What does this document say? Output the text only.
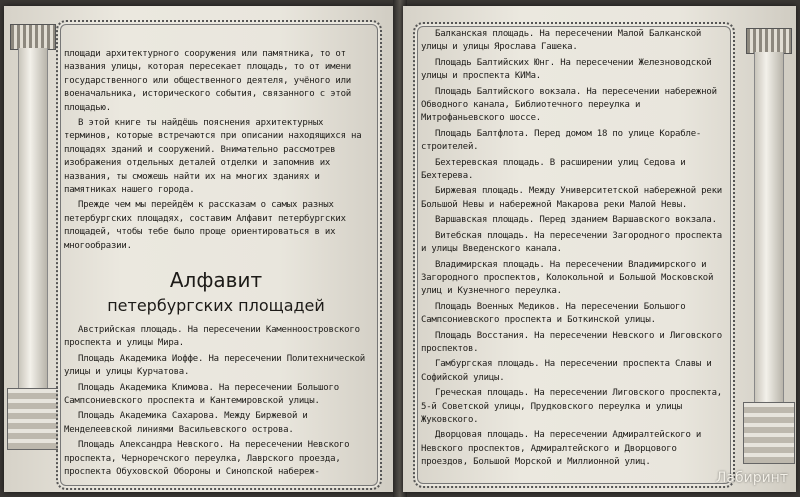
площади архитектурного сооружения или памятника, то от названия улицы, которая пересекает площадь, то от имени государственного или общественного деятеля, учёного или военачальника, исторического события, связанного с этой площадью.

В этой книге ты найдёшь пояснения архитектурных терминов, которые встречаются при описании находящихся на площадях зданий и сооружений. Внимательно рассмотрев изображения отдельных деталей отделки и запомнив их названия, ты сможешь найти их на многих зданиях и памятниках нашего города.

Прежде чем мы перейдём к рассказам о самых разных петербургских площадях, составим Алфавит петербургских площадей, чтобы тебе было проще ориентироваться в их многообразии.

Алфавит
петербургских площадей

Австрийская площадь. На пересечении Каменноостровского проспекта и улицы Мира.

Площадь Академика Иоффе. На пересечении Политехнической улицы и улицы Курчатова.

Площадь Академика Климова. На пересечении Большого Сампсониевского проспекта и Кантемировской улицы.

Площадь Академика Сахарова. Между Биржевой и Менделеевской линиями Васильевского острова.

Площадь Александра Невского. На пересечении Невского проспекта, Черноречского переулка, Лаврского проезда, проспекта Обуховской Обороны и Синопской набереж-

Балканская площадь. На пересечении Малой Балканской улицы и улицы Ярослава Гашека.

Площадь Балтийских Юнг. На пересечении Железноводской улицы и проспекта КИМа.

Площадь Балтийского вокзала. На пересечении набережной Обводного канала, Библиотечного переулка и Митрофаньевского шоссе.

Площадь Балтфлота. Перед домом 18 по улице Корабле-строителей.

Бехтеревская площадь. В расширении улиц Седова и Бехтерева.

Биржевая площадь. Между Университетской набережной реки Большой Невы и набережной Макарова реки Малой Невы.

Варшавская площадь. Перед зданием Варшавского вокзала.

Витебская площадь. На пересечении Загородного проспекта и улицы Введенского канала.

Владимирская площадь. На пересечении Владимирского и Загородного проспектов, Колокольной и Большой Московской улиц и Кузнечного переулка.

Площадь Военных Медиков. На пересечении Большого Сампсониевского проспекта и Боткинской улицы.

Площадь Восстания. На пересечении Невского и Лиговского проспектов.

Гамбургская площадь. На пересечении проспекта Славы и Софийской улицы.

Греческая площадь. На пересечении Лиговского проспекта, 5-й Советской улицы, Прудковского переулка и улицы Жуковского.

Дворцовая площадь. На пересечении Адмиралтейского и Невского проспектов, Адмиралтейского и Дворцового проездов, Большой Морской и Миллионной улиц.

Лабиринт
